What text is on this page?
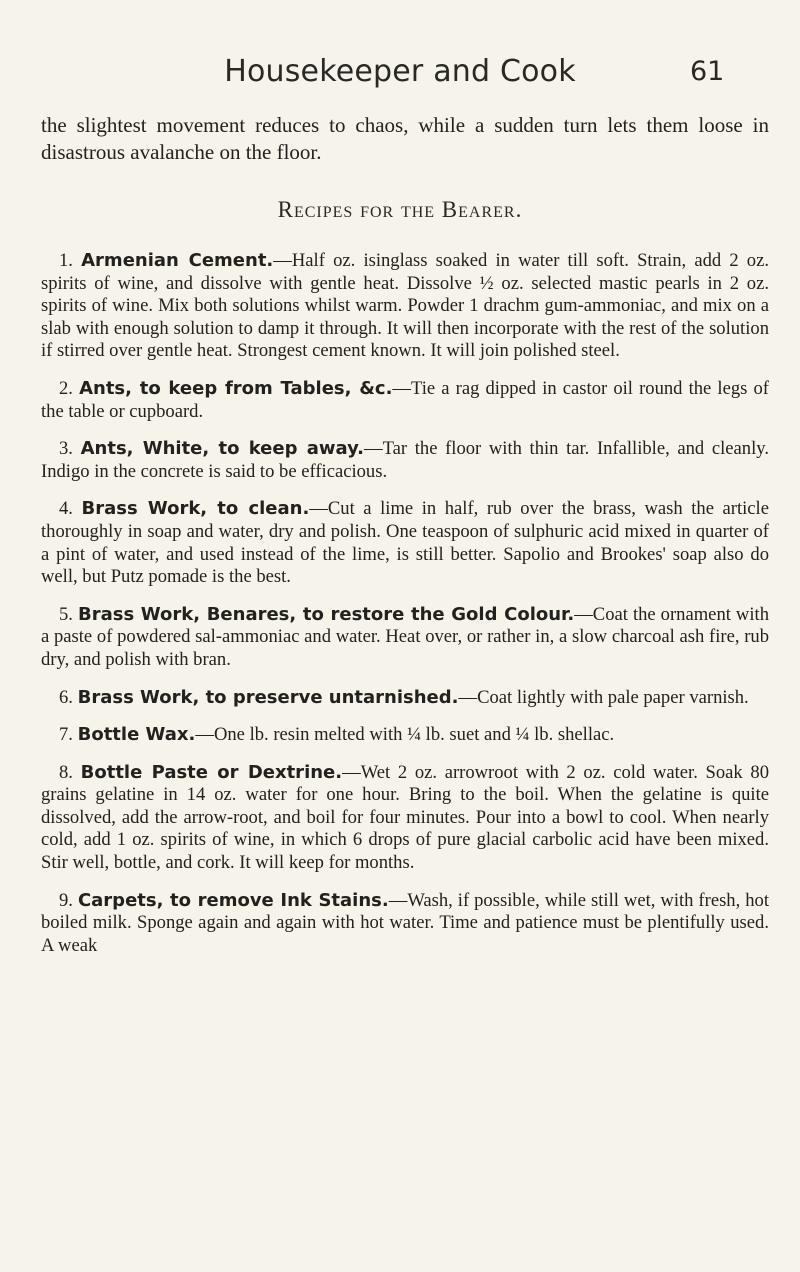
Housekeeper and Cook	61

the slightest movement reduces to chaos, while a sudden turn lets them loose in disastrous avalanche on the floor.

Recipes for the Bearer.

1. Armenian Cement.—Half oz. isinglass soaked in water till soft. Strain, add 2 oz. spirits of wine, and dissolve with gentle heat. Dissolve ½ oz. selected mastic pearls in 2 oz. spirits of wine. Mix both solutions whilst warm. Powder 1 drachm gum-ammoniac, and mix on a slab with enough solution to damp it through. It will then incorporate with the rest of the solution if stirred over gentle heat. Strongest cement known. It will join polished steel.

2. Ants, to keep from Tables, &c.—Tie a rag dipped in castor oil round the legs of the table or cupboard.

3. Ants, White, to keep away.—Tar the floor with thin tar. Infallible, and cleanly. Indigo in the concrete is said to be efficacious.

4. Brass Work, to clean.—Cut a lime in half, rub over the brass, wash the article thoroughly in soap and water, dry and polish. One teaspoon of sulphuric acid mixed in quarter of a pint of water, and used instead of the lime, is still better. Sapolio and Brookes' soap also do well, but Putz pomade is the best.

5. Brass Work, Benares, to restore the Gold Colour.—Coat the ornament with a paste of powdered sal-ammoniac and water. Heat over, or rather in, a slow charcoal ash fire, rub dry, and polish with bran.

6. Brass Work, to preserve untarnished.—Coat lightly with pale paper varnish.

7. Bottle Wax.—One lb. resin melted with ¼ lb. suet and ¼ lb. shellac.

8. Bottle Paste or Dextrine.—Wet 2 oz. arrowroot with 2 oz. cold water. Soak 80 grains gelatine in 14 oz. water for one hour. Bring to the boil. When the gelatine is quite dissolved, add the arrow-root, and boil for four minutes. Pour into a bowl to cool. When nearly cold, add 1 oz. spirits of wine, in which 6 drops of pure glacial carbolic acid have been mixed. Stir well, bottle, and cork. It will keep for months.

9. Carpets, to remove Ink Stains.—Wash, if possible, while still wet, with fresh, hot boiled milk. Sponge again and again with hot water. Time and patience must be plentifully used. A weak
